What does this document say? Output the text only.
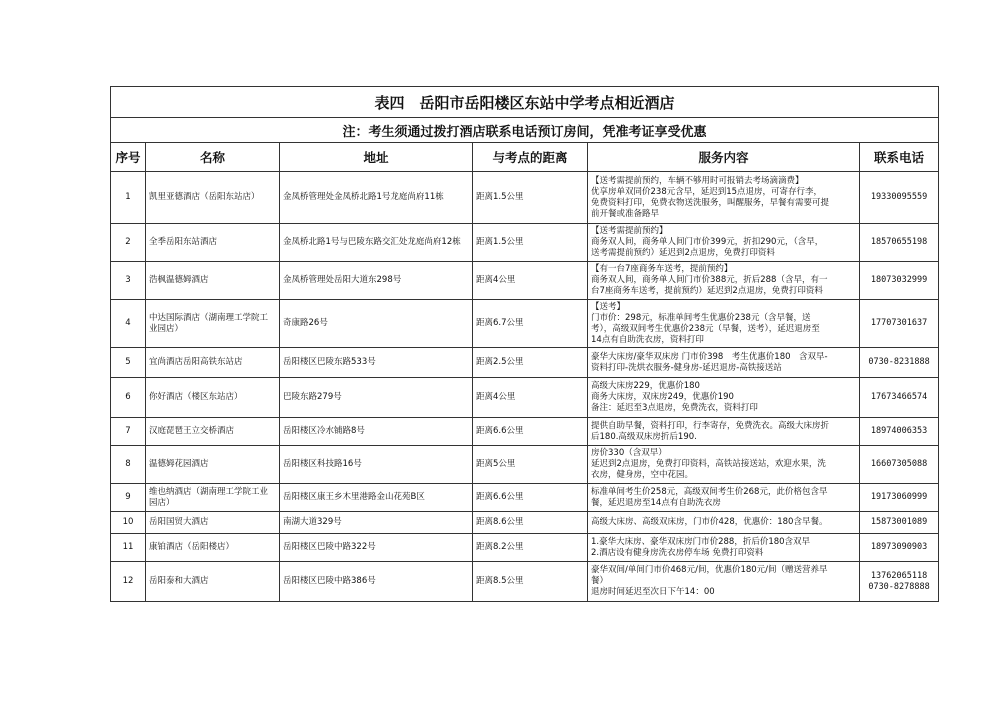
表四　岳阳市岳阳楼区东站中学考点相近酒店					
注：考生须通过拨打酒店联系电话预订房间，凭准考证享受优惠					
序号	名称	地址	与考点的距离	服务内容	联系电话
1	凯里亚德酒店（岳阳东站店）	金凤桥管理处金凤桥北路1号龙庭尚府11栋	距离1.5公里	【送考需提前预约，车辆不够用时可报销去考场滴滴费】
优享房单双同价238元含早，延迟到15点退房，可寄存行李，
免费资料打印，免费衣物送洗服务，叫醒服务，早餐有需要可提
前开餐或准备路早	19330095559
2	全季岳阳东站酒店	金凤桥北路1号与巴陵东路交汇处龙庭尚府12栋	距离1.5公里	【送考需提前预约】
商务双人间，商务单人间门市价399元，折扣290元，（含早，
送考需提前预约）延迟到2点退房，免费打印资料	18570655198
3	浩枫温德姆酒店	金凤桥管理处岳阳大道东298号	距离4公里	【有一台7座商务车送考，提前预约】
商务双人间，商务单人间门市价388元，折后288（含早，有一
台7座商务车送考，提前预约）延迟到2点退房，免费打印资料	18073032999
4	中达国际酒店（湖南理工学院工业园店）	奇康路26号	距离6.7公里	【送考】
门市价：298元，标准单间考生优惠价238元（含早餐，送
考），高级双间考生优惠价238元（早餐，送考），延迟退房至
14点有自助洗衣房，资料打印	17707301637
5	宜尚酒店岳阳高铁东站店	岳阳楼区巴陵东路533号	距离2.5公里	豪华大床房/豪华双床房 门市价398　考生优惠价180　含双早-
资料打印-洗烘衣服务-健身房-延迟退房-高铁接送站	0730-8231888
6	你好酒店（楼区东站店）	巴陵东路279号	距离4公里	高级大床房229，优惠价180
商务大床房，双床房249，优惠价190
备注：延迟至3点退房，免费洗衣，资料打印	17673466574
7	汉庭琵琶王立交桥酒店	岳阳楼区冷水铺路8号	距离6.6公里	提供自助早餐，资料打印，行李寄存，免费洗衣。高级大床房折
后180.高级双床房折后190.	18974006353
8	温德姆花园酒店	岳阳楼区科技路16号	距离5公里	房价330（含双早）
延迟到2点退房，免费打印资料，高铁站接送站，欢迎水果，洗
衣房，健身房，空中花园。	16607305088
9	维也纳酒店（湖南理工学院工业园店）	岳阳楼区康王乡木里港路金山花苑B区	距离6.6公里	标准单间考生价258元，高级双间考生价268元，此价格包含早
餐，延迟退房至14点有自助洗衣房	19173060999
10	岳阳国贸大酒店	南湖大道329号	距离8.6公里	高级大床房、高级双床房，门市价428，优惠价：180含早餐。	15873001089
11	康铂酒店（岳阳楼店）	岳阳楼区巴陵中路322号	距离8.2公里	1.豪华大床房、豪华双床房门市价288，折后价180含双早
2.酒店设有健身房洗衣房停车场 免费打印资料	18973090903
12	岳阳泰和大酒店	岳阳楼区巴陵中路386号	距离8.5公里	豪华双间/单间门市价468元/间，优惠价180元/间（赠送营养早
餐）
退房时间延迟至次日下午14：00	13762065118
0730-8278888
